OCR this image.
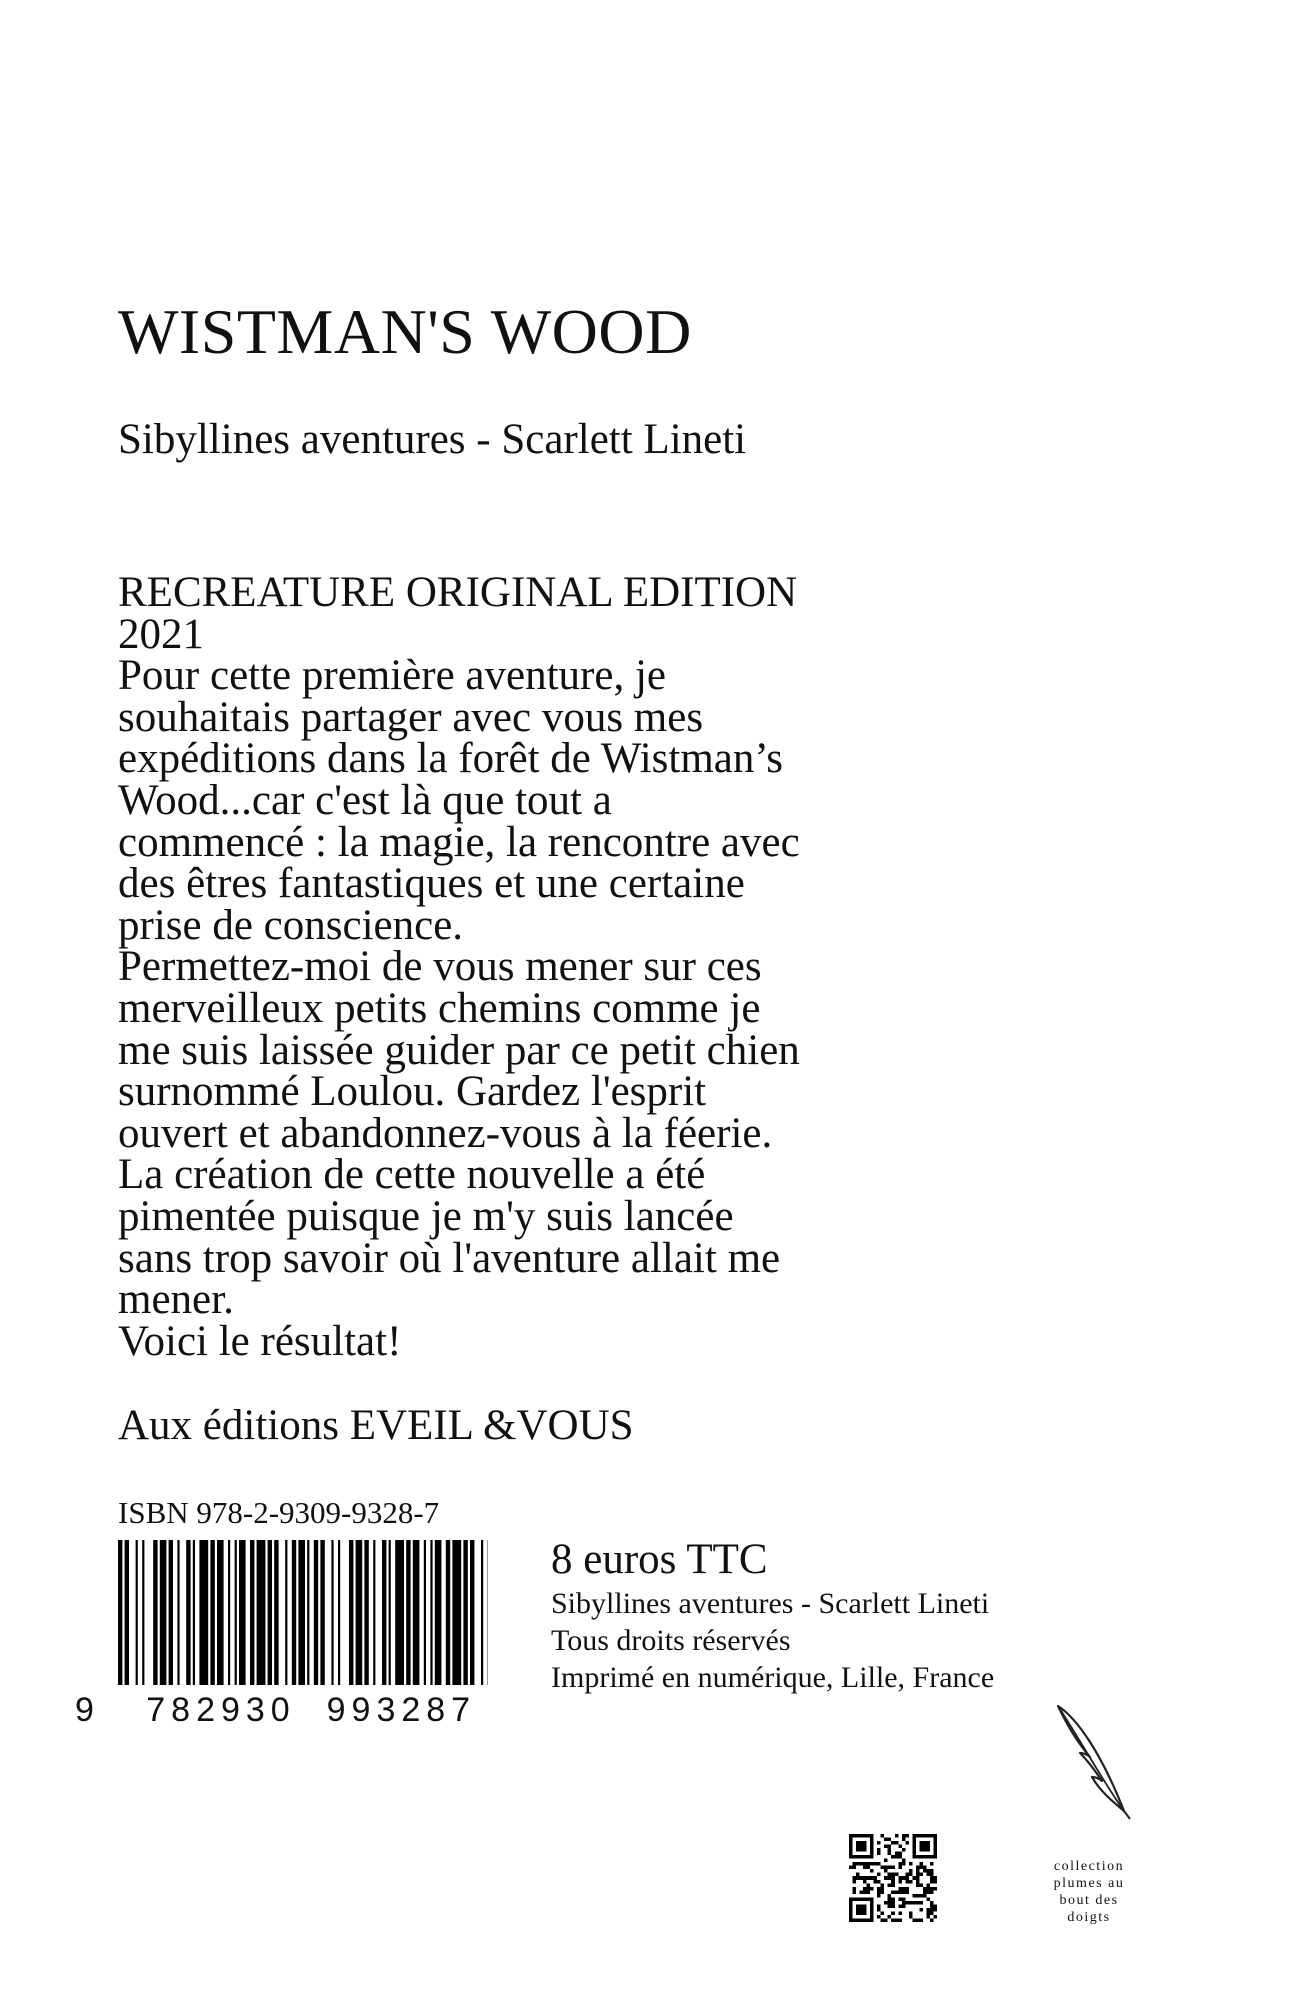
WISTMAN'S WOOD
Sibyllines aventures - Scarlett Lineti
RECREATURE ORIGINAL EDITION
2021
Pour cette première aventure, je
souhaitais partager avec vous mes
expéditions dans la forêt de Wistman’s
Wood...car c'est là que tout a
commencé : la magie, la rencontre avec
des êtres fantastiques et une certaine
prise de conscience.
Permettez-moi de vous mener sur ces
merveilleux petits chemins comme je
me suis laissée guider par ce petit chien
surnommé Loulou. Gardez l'esprit
ouvert et abandonnez-vous à la féerie.
La création de cette nouvelle a été
pimentée puisque je m'y suis lancée
sans trop savoir où l'aventure allait me
mener.
Voici le résultat!
Aux éditions EVEIL &VOUS
ISBN 978-2-9309-9328-7
9 782930 993287
8 euros TTC
Sibyllines aventures - Scarlett Lineti
Tous droits réservés
Imprimé en numérique, Lille, France
collection
plumes au
bout des
doigts
